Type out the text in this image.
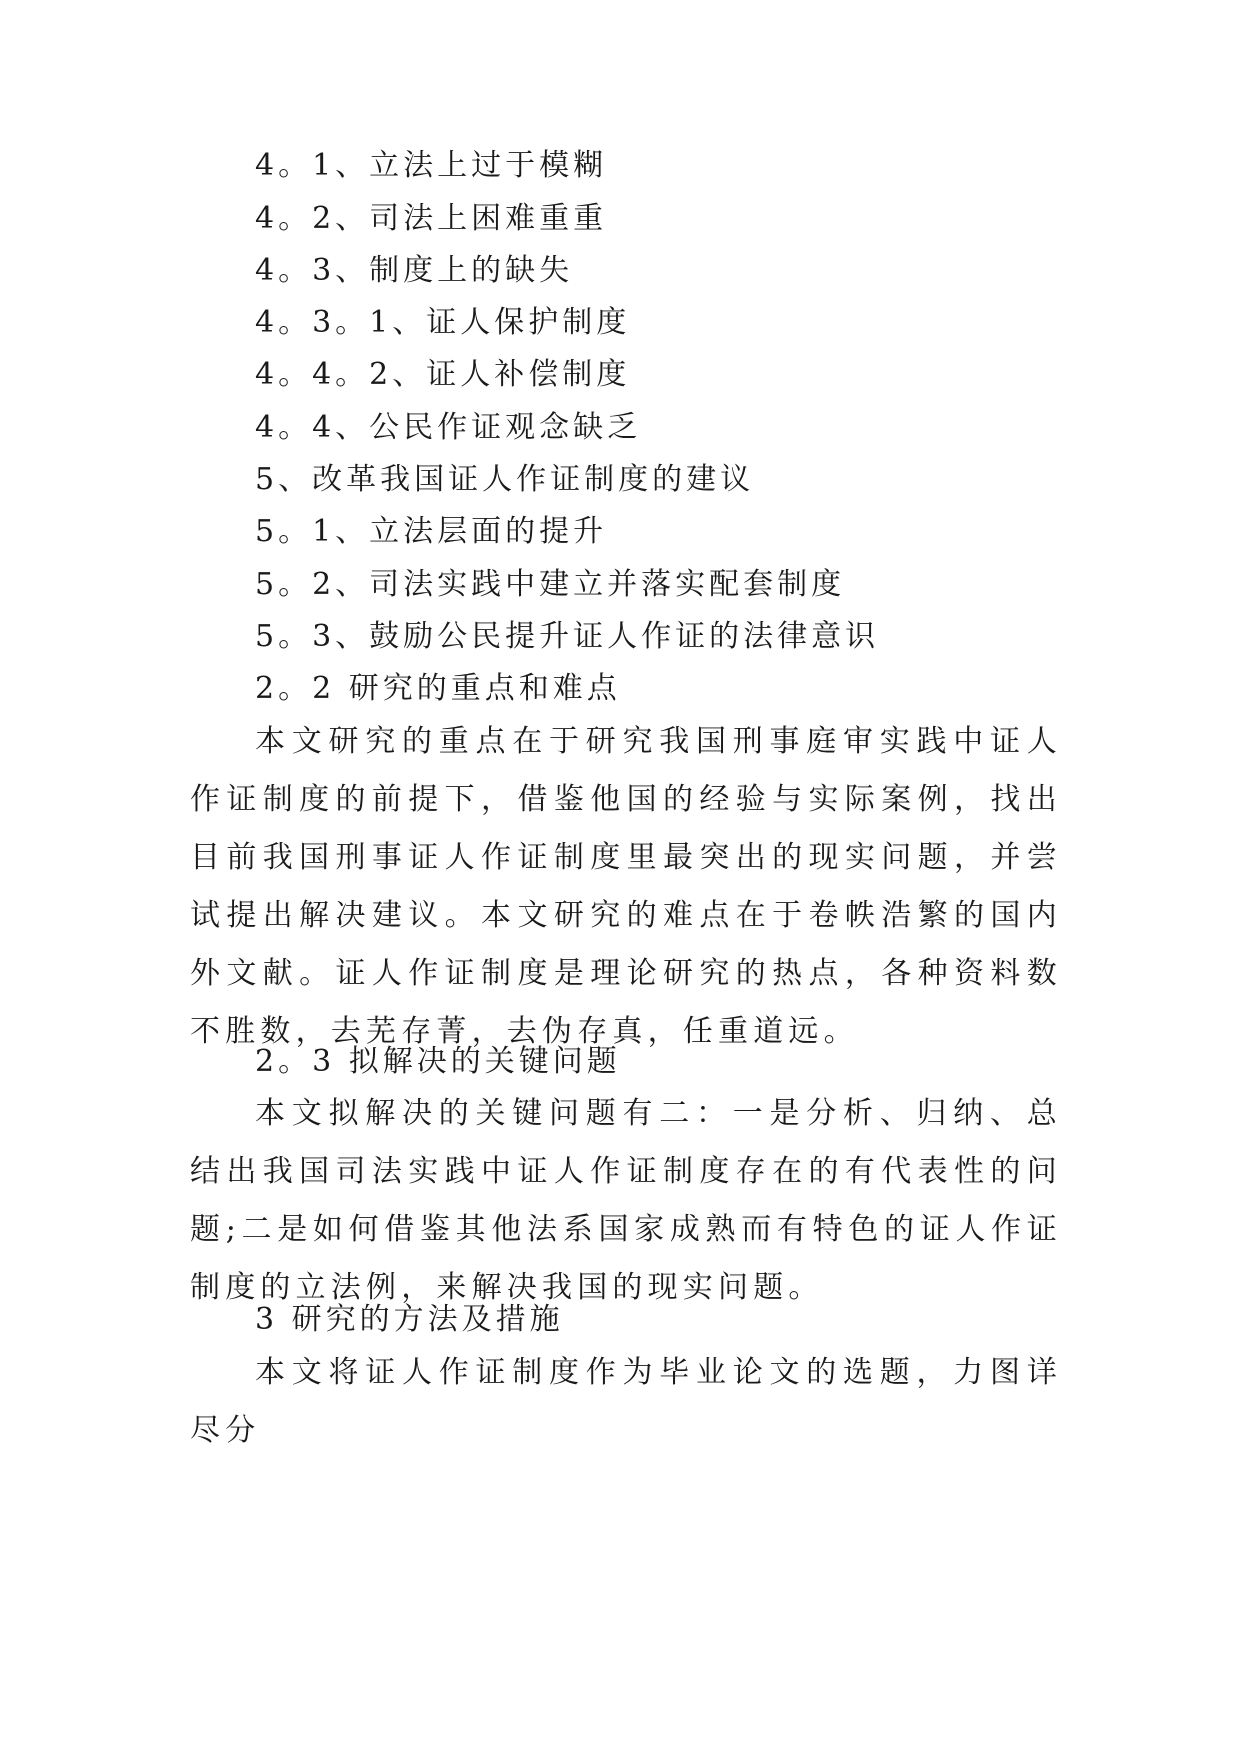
4。1、立法上过于模糊
4。2、司法上困难重重
4。3、制度上的缺失
4。3。1、证人保护制度
4。4。2、证人补偿制度
4。4、公民作证观念缺乏
5、改革我国证人作证制度的建议
5。1、立法层面的提升
5。2、司法实践中建立并落实配套制度
5。3、鼓励公民提升证人作证的法律意识
2。2 研究的重点和难点

本文研究的重点在于研究我国刑事庭审实践中证人作证制度的前提下，借鉴他国的经验与实际案例，找出目前我国刑事证人作证制度里最突出的现实问题，并尝试提出解决建议。本文研究的难点在于卷帙浩繁的国内外文献。证人作证制度是理论研究的热点，各种资料数不胜数，去芜存菁，去伪存真，任重道远。

2。3 拟解决的关键问题

本文拟解决的关键问题有二：一是分析、归纳、总结出我国司法实践中证人作证制度存在的有代表性的问题;二是如何借鉴其他法系国家成熟而有特色的证人作证制度的立法例，来解决我国的现实问题。

3 研究的方法及措施

本文将证人作证制度作为毕业论文的选题，力图详尽分
